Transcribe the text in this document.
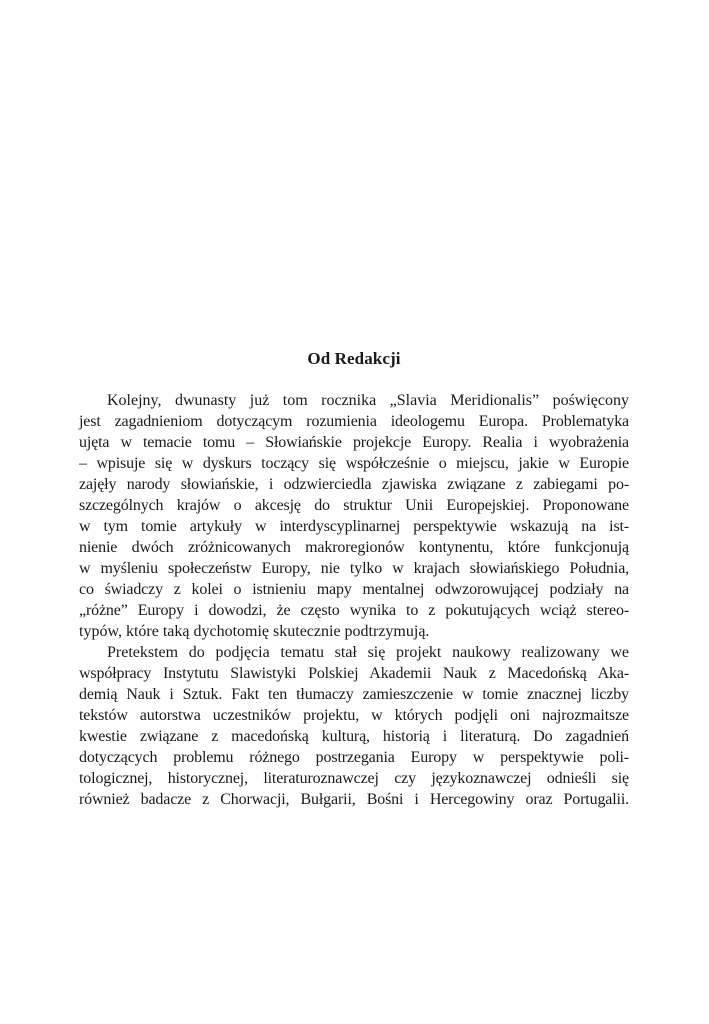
Od Redakcji

Kolejny, dwunasty już tom rocznika „Slavia Meridionalis” poświęcony
jest zagadnieniom dotyczącym rozumienia ideologemu Europa. Problematyka
ujęta w temacie tomu – Słowiańskie projekcje Europy. Realia i wyobrażenia
– wpisuje się w dyskurs toczący się współcześnie o miejscu, jakie w Europie
zajęły narody słowiańskie, i odzwierciedla zjawiska związane z zabiegami po-
szczególnych krajów o akcesję do struktur Unii Europejskiej. Proponowane
w tym tomie artykuły w interdyscyplinarnej perspektywie wskazują na ist-
nienie dwóch zróżnicowanych makroregionów kontynentu, które funkcjonują
w myśleniu społeczeństw Europy, nie tylko w krajach słowiańskiego Południa,
co świadczy z kolei o istnieniu mapy mentalnej odwzorowującej podziały na
„różne” Europy i dowodzi, że często wynika to z pokutujących wciąż stereo-
typów, które taką dychotomię skutecznie podtrzymują.

Pretekstem do podjęcia tematu stał się projekt naukowy realizowany we
współpracy Instytutu Slawistyki Polskiej Akademii Nauk z Macedońską Aka-
demią Nauk i Sztuk. Fakt ten tłumaczy zamieszczenie w tomie znacznej liczby
tekstów autorstwa uczestników projektu, w których podjęli oni najrozmaitsze
kwestie związane z macedońską kulturą, historią i literaturą. Do zagadnień
dotyczących problemu różnego postrzegania Europy w perspektywie poli-
tologicznej, historycznej, literaturoznawczej czy językoznawczej odnieśli się
również badacze z Chorwacji, Bułgarii, Bośni i Hercegowiny oraz Portugalii.
